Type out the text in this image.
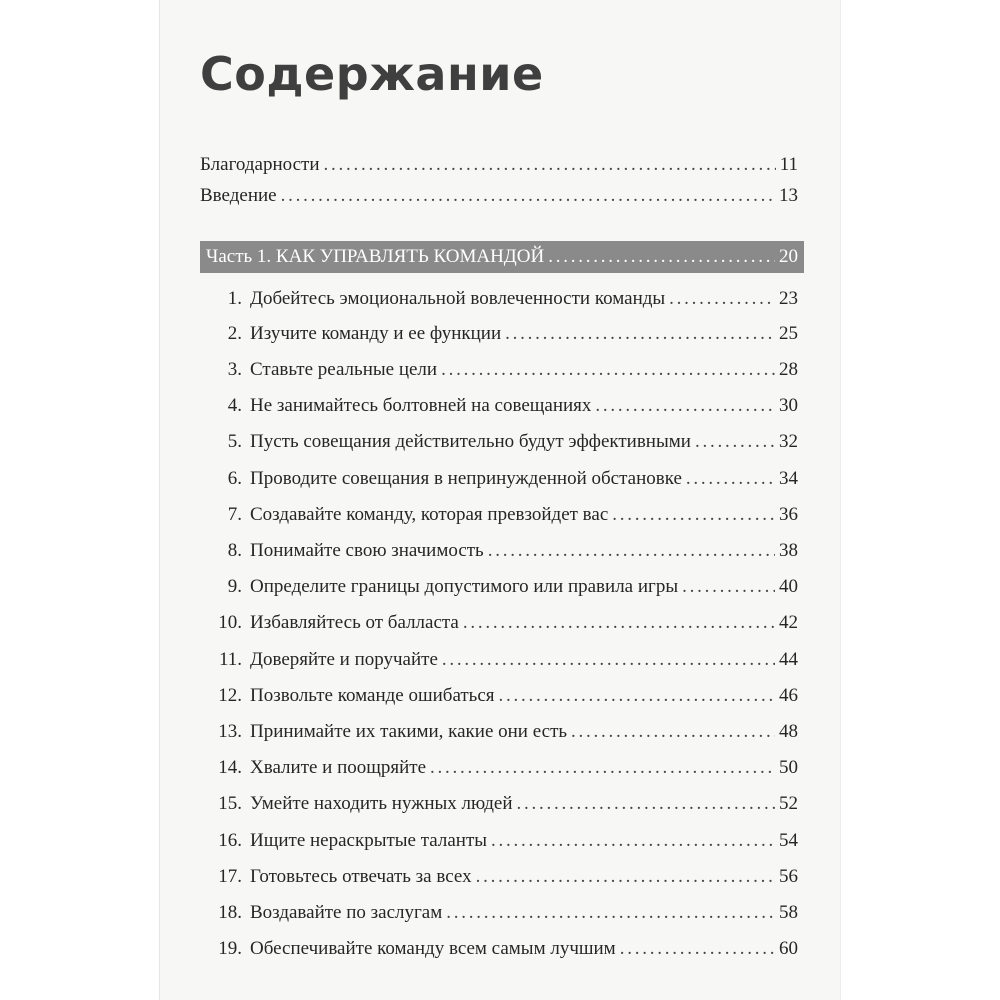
Содержание
Благодарности . . .	11
Введение . . .	13
Часть 1. КАК УПРАВЛЯТЬ КОМАНДОЙ . . .	20
1. Добейтесь эмоциональной вовлеченности команды . . .	23
2. Изучите команду и ее функции . . .	25
3. Ставьте реальные цели . . .	28
4. Не занимайтесь болтовней на совещаниях . . .	30
5. Пусть совещания действительно будут эффективными . . .	32
6. Проводите совещания в непринужденной обстановке . . .	34
7. Создавайте команду, которая превзойдет вас . . .	36
8. Понимайте свою значимость . . .	38
9. Определите границы допустимого или правила игры . . .	40
10. Избавляйтесь от балласта . . .	42
11. Доверяйте и поручайте . . .	44
12. Позвольте команде ошибаться . . .	46
13. Принимайте их такими, какие они есть . . .	48
14. Хвалите и поощряйте . . .	50
15. Умейте находить нужных людей . . .	52
16. Ищите нераскрытые таланты . . .	54
17. Готовьтесь отвечать за всех . . .	56
18. Воздавайте по заслугам . . .	58
19. Обеспечивайте команду всем самым лучшим . . .	60
